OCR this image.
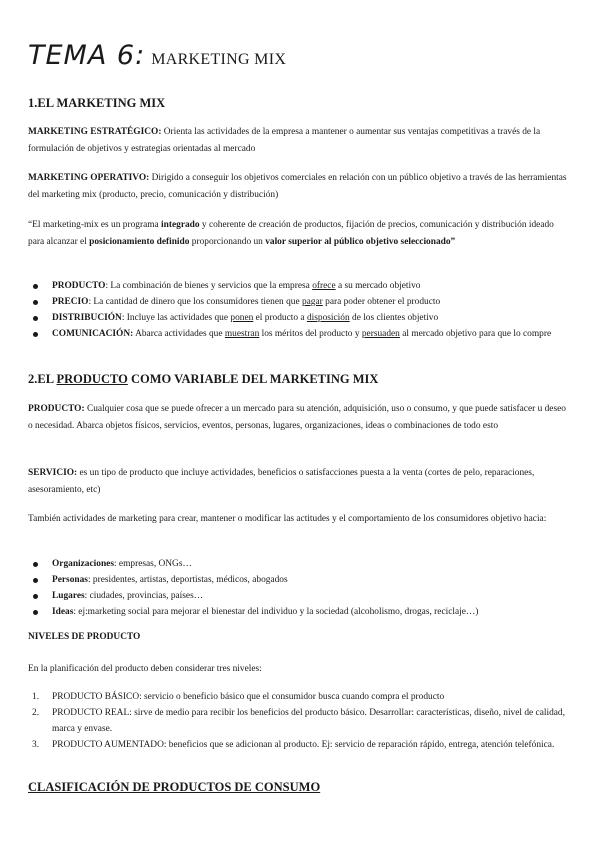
TEMA 6: MARKETING MIX
1.EL MARKETING MIX
MARKETING ESTRATÉGICO: Orienta las actividades de la empresa a mantener o aumentar sus ventajas competitivas a través de la formulación de objetivos y estrategias orientadas al mercado
MARKETING OPERATIVO: Dirigido a conseguir los objetivos comerciales en relación con un público objetivo a través de las herramientas del marketing mix (producto, precio, comunicación y distribución)
“El marketing-mix es un programa integrado y coherente de creación de productos, fijación de precios, comunicación y distribución ideado para alcanzar el posicionamiento definido proporcionando un valor superior al público objetivo seleccionado”
PRODUCTO: La combinación de bienes y servicios que la empresa ofrece a su mercado objetivo
PRECIO: La cantidad de dinero que los consumidores tienen que pagar para poder obtener el producto
DISTRIBUCIÓN: Incluye las actividades que ponen el producto a disposición de los clientes objetivo
COMUNICACIÓN: Abarca actividades que muestran los méritos del producto y persuaden al mercado objetivo para que lo compre
2.EL PRODUCTO COMO VARIABLE DEL MARKETING MIX
PRODUCTO: Cualquier cosa que se puede ofrecer a un mercado para su atención, adquisición, uso o consumo, y que puede satisfacer u deseo o necesidad. Abarca objetos físicos, servicios, eventos, personas, lugares, organizaciones, ideas o combinaciones de todo esto
SERVICIO: es un tipo de producto que incluye actividades, beneficios o satisfacciones puesta a la venta (cortes de pelo, reparaciones, asesoramiento, etc)
También actividades de marketing para crear, mantener o modificar las actitudes y el comportamiento de los consumidores objetivo hacia:
Organizaciones: empresas, ONGs…
Personas: presidentes, artistas, deportistas, médicos, abogados
Lugares: ciudades, provincias, países…
Ideas: ej:marketing social para mejorar el bienestar del individuo y la sociedad (alcoholismo, drogas, reciclaje…)
NIVELES DE PRODUCTO
En la planificación del producto deben considerar tres niveles:
1. PRODUCTO BÁSICO: servicio o beneficio básico que el consumidor busca cuando compra el producto
2. PRODUCTO REAL: sirve de medio para recibir los beneficios del producto básico. Desarrollar: características, diseño, nivel de calidad, marca y envase.
3. PRODUCTO AUMENTADO: beneficios que se adicionan al producto. Ej: servicio de reparación rápido, entrega, atención telefónica.
CLASIFICACIÓN DE PRODUCTOS DE CONSUMO
